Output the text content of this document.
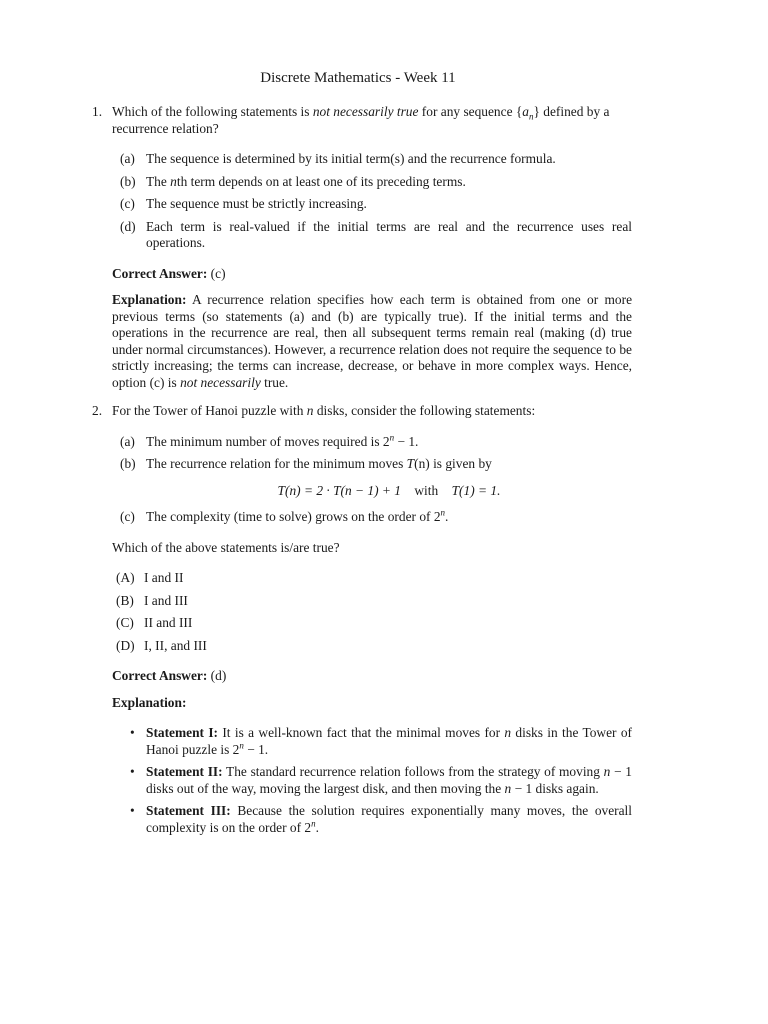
Discrete Mathematics - Week 11
1. Which of the following statements is not necessarily true for any sequence $\{a_n\}$ defined by a recurrence relation?
(a) The sequence is determined by its initial term(s) and the recurrence formula.
(b) The nth term depends on at least one of its preceding terms.
(c) The sequence must be strictly increasing.
(d) Each term is real-valued if the initial terms are real and the recurrence uses real operations.
Correct Answer: (c)
Explanation: A recurrence relation specifies how each term is obtained from one or more previous terms (so statements (a) and (b) are typically true). If the initial terms and the operations in the recurrence are real, then all subsequent terms remain real (making (d) true under normal circumstances). However, a recurrence relation does not require the sequence to be strictly increasing; the terms can increase, decrease, or behave in more complex ways. Hence, option (c) is not necessarily true.
2. For the Tower of Hanoi puzzle with n disks, consider the following statements:
(a) The minimum number of moves required is $2^n - 1$.
(b) The recurrence relation for the minimum moves T(n) is given by
T(n) = 2 · T(n − 1) + 1 with T(1) = 1.
(c) The complexity (time to solve) grows on the order of 2$^n$.
Which of the above statements is/are true?
(A) I and II
(B) I and III
(C) II and III
(D) I, II, and III
Correct Answer: (d)
Explanation:
• Statement I: It is a well-known fact that the minimal moves for n disks in the Tower of Hanoi puzzle is $2^n - 1$.
• Statement II: The standard recurrence relation follows from the strategy of moving n − 1 disks out of the way, moving the largest disk, and then moving the n − 1 disks again.
• Statement III: Because the solution requires exponentially many moves, the overall complexity is on the order of 2$^n$.
